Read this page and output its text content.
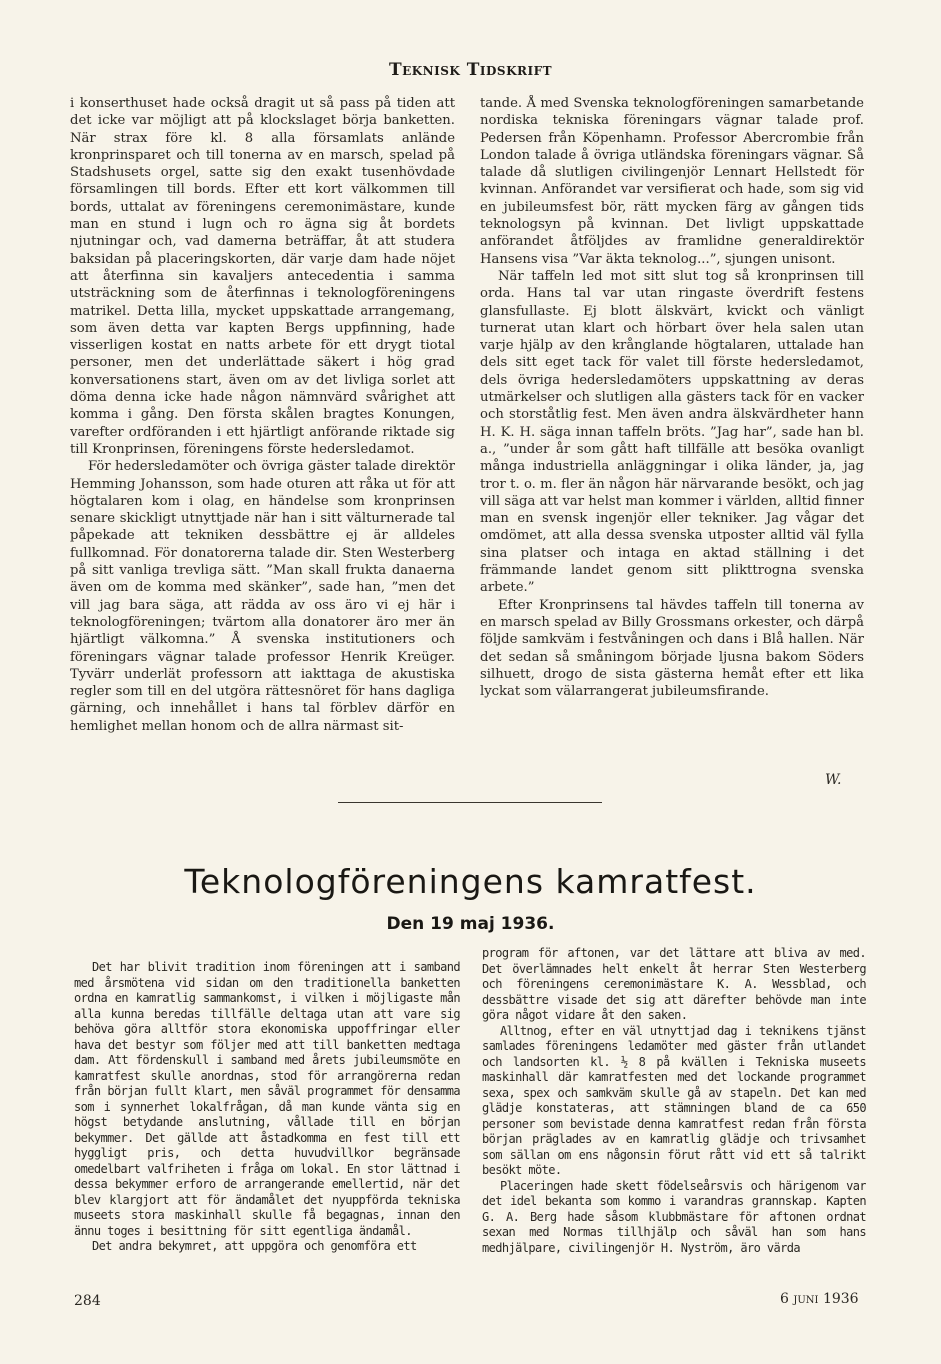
Teknisk Tidskrift

i konserthuset hade också dragit ut så pass på tiden att det icke var möjligt att på klockslaget börja banketten. När strax före kl. 8 alla församlats anlände kronprinsparet och till tonerna av en marsch, spelad på Stadshusets orgel, satte sig den exakt tusenhövdade församlingen till bords. Efter ett kort välkommen till bords, uttalat av föreningens ceremonimästare, kunde man en stund i lugn och ro ägna sig åt bordets njutningar och, vad damerna beträffar, åt att studera baksidan på placeringskorten, där varje dam hade nöjet att återfinna sin kavaljers antecedentia i samma utsträckning som de återfinnas i teknologföreningens matrikel. Detta lilla, mycket uppskattade arrangemang, som även detta var kapten Bergs uppfinning, hade visserligen kostat en natts arbete för ett drygt tiotal personer, men det underlättade säkert i hög grad konversationens start, även om av det livliga sorlet att döma denna icke hade någon nämnvärd svårighet att komma i gång. Den första skålen bragtes Konungen, varefter ordföranden i ett hjärtligt anförande riktade sig till Kronprinsen, föreningens förste hedersledamot.

För hedersledamöter och övriga gäster talade direktör Hemming Johansson, som hade oturen att råka ut för att högtalaren kom i olag, en händelse som kronprinsen senare skickligt utnyttjade när han i sitt välturnerade tal påpekade att tekniken dessbättre ej är alldeles fullkomnad. För donatorerna talade dir. Sten Westerberg på sitt vanliga trevliga sätt. ”Man skall frukta danaerna även om de komma med skänker”, sade han, ”men det vill jag bara säga, att rädda av oss äro vi ej här i teknologföreningen; tvärtom alla donatorer äro mer än hjärtligt välkomna.” Å svenska institutioners och föreningars vägnar talade professor Henrik Kreüger. Tyvärr underlät professorn att iakttaga de akustiska regler som till en del utgöra rättesnöret för hans dagliga gärning, och innehållet i hans tal förblev därför en hemlighet mellan honom och de allra närmast sit-

tande. Å med Svenska teknologföreningen samarbetande nordiska tekniska föreningars vägnar talade prof. Pedersen från Köpenhamn. Professor Abercrombie från London talade å övriga utländska föreningars vägnar. Så talade då slutligen civilingenjör Lennart Hellstedt för kvinnan. Anförandet var versifierat och hade, som sig vid en jubileumsfest bör, rätt mycken färg av gången tids teknologsyn på kvinnan. Det livligt uppskattade anförandet åtföljdes av framlidne generaldirektör Hansens visa ”Var äkta teknolog...”, sjungen unisont.

När taffeln led mot sitt slut tog så kronprinsen till orda. Hans tal var utan ringaste överdrift festens glansfullaste. Ej blott älskvärt, kvickt och vänligt turnerat utan klart och hörbart över hela salen utan varje hjälp av den krånglande högtalaren, uttalade han dels sitt eget tack för valet till förste hedersledamot, dels övriga hedersledamöters uppskattning av deras utmärkelser och slutligen alla gästers tack för en vacker och storståtlig fest. Men även andra älskvärdheter hann H. K. H. säga innan taffeln bröts. ”Jag har”, sade han bl. a., ”under år som gått haft tillfälle att besöka ovanligt många industriella anläggningar i olika länder, ja, jag tror t. o. m. fler än någon här närvarande besökt, och jag vill säga att var helst man kommer i världen, alltid finner man en svensk ingenjör eller tekniker. Jag vågar det omdömet, att alla dessa svenska utposter alltid väl fylla sina platser och intaga en aktad ställning i det främmande landet genom sitt plikttrogna svenska arbete.”

Efter Kronprinsens tal hävdes taffeln till tonerna av en marsch spelad av Billy Grossmans orkester, och därpå följde samkväm i festvåningen och dans i Blå hallen. När det sedan så småningom började ljusna bakom Söders silhuett, drogo de sista gästerna hemåt efter ett lika lyckat som välarrangerat jubileumsfirande.

W.
Teknologföreningens kamratfest.
Den 19 maj 1936.

Det har blivit tradition inom föreningen att i samband med årsmötena vid sidan om den traditionella banketten ordna en kamratlig sammankomst, i vilken i möjligaste mån alla kunna beredas tillfälle deltaga utan att vare sig behöva göra alltför stora ekonomiska uppoffringar eller hava det bestyr som följer med att till banketten medtaga dam. Att fördenskull i samband med årets jubileumsmöte en kamratfest skulle anordnas, stod för arrangörerna redan från början fullt klart, men såväl programmet för densamma som i synnerhet lokalfrågan, då man kunde vänta sig en högst betydande anslutning, vållade till en början bekymmer. Det gällde att åstadkomma en fest till ett hyggligt pris, och detta huvudvillkor begränsade omedelbart valfriheten i fråga om lokal. En stor lättnad i dessa bekymmer erforo de arrangerande emellertid, när det blev klargjort att för ändamålet det nyuppförda tekniska museets stora maskinhall skulle få begagnas, innan den ännu toges i besittning för sitt egentliga ändamål.

Det andra bekymret, att uppgöra och genomföra ett

program för aftonen, var det lättare att bliva av med. Det överlämnades helt enkelt åt herrar Sten Westerberg och föreningens ceremonimästare K. A. Wessblad, och dessbättre visade det sig att därefter behövde man inte göra något vidare åt den saken.

Alltnog, efter en väl utnyttjad dag i teknikens tjänst samlades föreningens ledamöter med gäster från utlandet och landsorten kl. ½ 8 på kvällen i Tekniska museets maskinhall där kamratfesten med det lockande programmet sexa, spex och samkväm skulle gå av stapeln. Det kan med glädje konstateras, att stämningen bland de ca 650 personer som bevistade denna kamratfest redan från första början präglades av en kamratlig glädje och trivsamhet som sällan om ens någonsin förut rått vid ett så talrikt besökt möte.

Placeringen hade skett födelseårsvis och härigenom var det idel bekanta som kommo i varandras grannskap. Kapten G. A. Berg hade såsom klubbmästare för aftonen ordnat sexan med Normas tillhjälp och såväl han som hans medhjälpare, civilingenjör H. Nyström, äro värda

284	6 juni 1936
